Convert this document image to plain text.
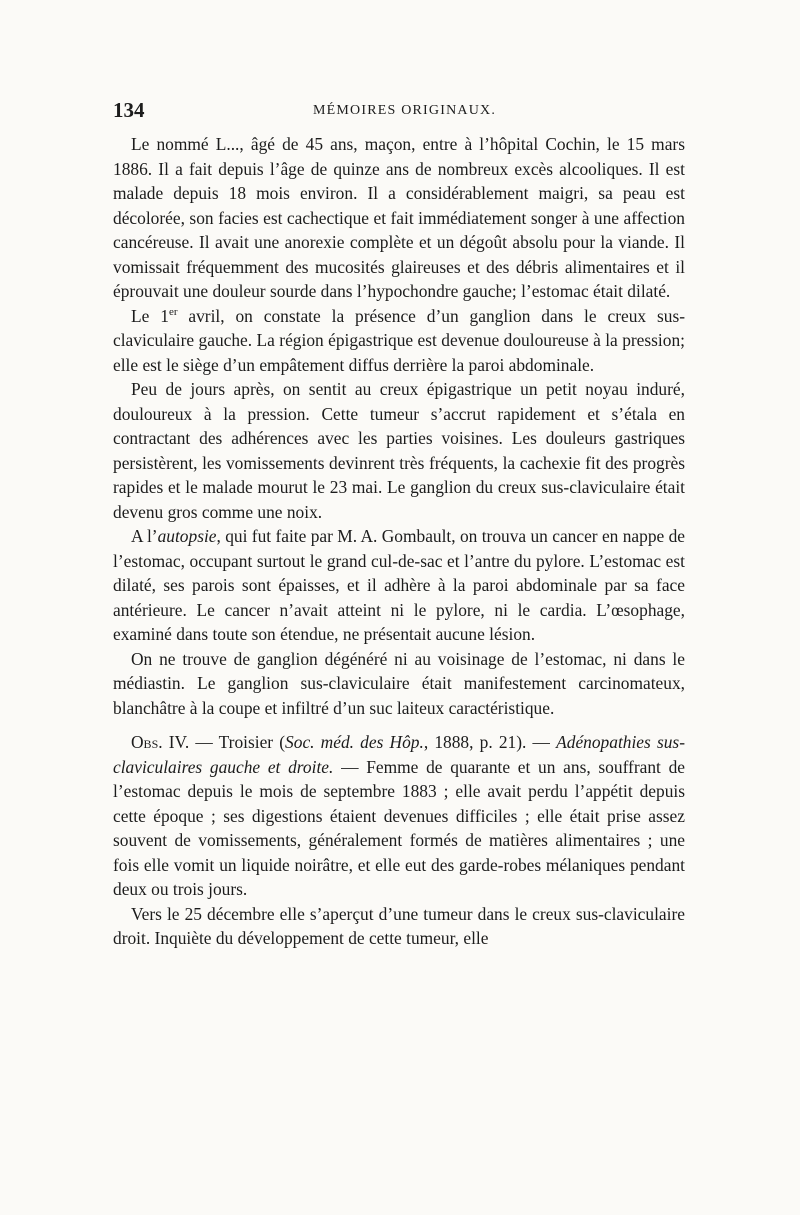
134	MÉMOIRES ORIGINAUX.

Le nommé L..., âgé de 45 ans, maçon, entre à l’hôpital Cochin, le 15 mars 1886. Il a fait depuis l’âge de quinze ans de nombreux excès alcooliques. Il est malade depuis 18 mois environ. Il a considérablement maigri, sa peau est décolorée, son facies est cachectique et fait immédiatement songer à une affection cancéreuse. Il avait une anorexie complète et un dégoût absolu pour la viande. Il vomissait fréquemment des mucosités glaireuses et des débris alimentaires et il éprouvait une douleur sourde dans l’hypochondre gauche; l’estomac était dilaté.

Le 1er avril, on constate la présence d’un ganglion dans le creux sus-claviculaire gauche. La région épigastrique est devenue douloureuse à la pression; elle est le siège d’un empâtement diffus derrière la paroi abdominale.

Peu de jours après, on sentit au creux épigastrique un petit noyau induré, douloureux à la pression. Cette tumeur s’accrut rapidement et s’étala en contractant des adhérences avec les parties voisines. Les douleurs gastriques persistèrent, les vomissements devinrent très fréquents, la cachexie fit des progrès rapides et le malade mourut le 23 mai. Le ganglion du creux sus-claviculaire était devenu gros comme une noix.

A l’autopsie, qui fut faite par M. A. Gombault, on trouva un cancer en nappe de l’estomac, occupant surtout le grand cul-de-sac et l’antre du pylore. L’estomac est dilaté, ses parois sont épaisses, et il adhère à la paroi abdominale par sa face antérieure. Le cancer n’avait atteint ni le pylore, ni le cardia. L’œsophage, examiné dans toute son étendue, ne présentait aucune lésion.

On ne trouve de ganglion dégénéré ni au voisinage de l’estomac, ni dans le médiastin. Le ganglion sus-claviculaire était manifestement carcinomateux, blanchâtre à la coupe et infiltré d’un suc laiteux caractéristique.

Obs. IV. — Troisier (Soc. méd. des Hôp., 1888, p. 21). — Adénopathies sus-claviculaires gauche et droite. — Femme de quarante et un ans, souffrant de l’estomac depuis le mois de septembre 1883 ; elle avait perdu l’appétit depuis cette époque ; ses digestions étaient devenues difficiles ; elle était prise assez souvent de vomissements, généralement formés de matières alimentaires ; une fois elle vomit un liquide noirâtre, et elle eut des garde-robes mélaniques pendant deux ou trois jours.

Vers le 25 décembre elle s’aperçut d’une tumeur dans le creux sus-claviculaire droit. Inquiète du développement de cette tumeur, elle
